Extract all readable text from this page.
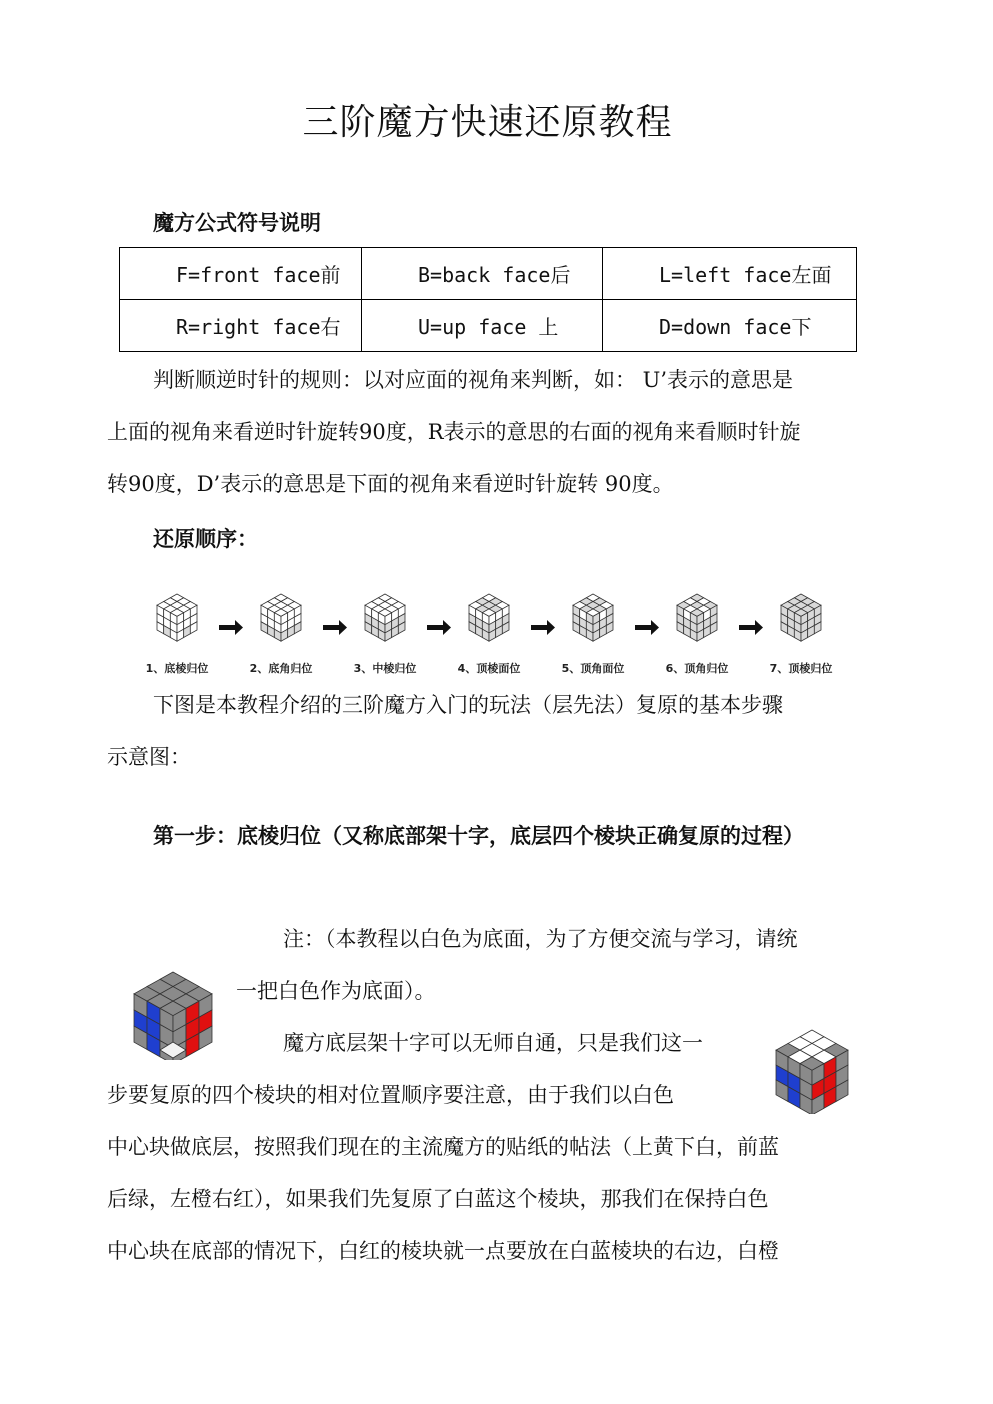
三阶魔方快速还原教程
魔方公式符号说明
F=front face前	B=back face后	L=left face左面

R=right face右	U=up face 上	D=down face下
判断顺逆时针的规则：以对应面的视角来判断，如： U’表示的意思是
上面的视角来看逆时针旋转90度，R表示的意思的右面的视角来看顺时针旋
转90度，D’表示的意思是下面的视角来看逆时针旋转 90度。
还原顺序：
1、底棱归位	2、底角归位	3、中棱归位	4、顶棱面位	5、顶角面位	6、顶角归位	7、顶棱归位
下图是本教程介绍的三阶魔方入门的玩法（层先法）复原的基本步骤
示意图：
第一步：底棱归位（又称底部架十字，底层四个棱块正确复原的过程）
注：（本教程以白色为底面，为了方便交流与学习，请统
一把白色作为底面）。
魔方底层架十字可以无师自通，只是我们这一
步要复原的四个棱块的相对位置顺序要注意，由于我们以白色
中心块做底层，按照我们现在的主流魔方的贴纸的帖法（上黄下白，前蓝
后绿，左橙右红），如果我们先复原了白蓝这个棱块，那我们在保持白色
中心块在底部的情况下，白红的棱块就一点要放在白蓝棱块的右边，白橙
